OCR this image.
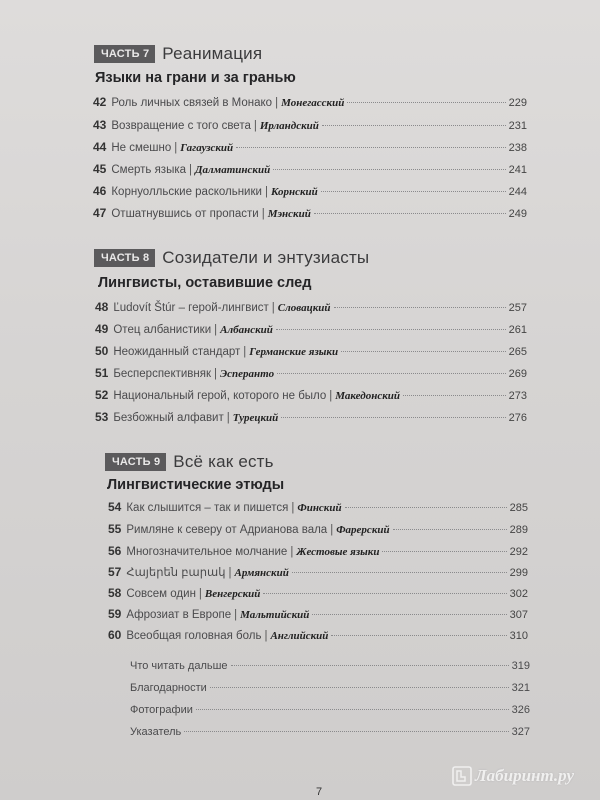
ЧАСТЬ 7 Реанимация
Языки на грани и за гранью
42 Роль личных связей в Монако | Монегасский	229
43 Возвращение с того света | Ирландский	231
44 Не смешно | Гагаузский	238
45 Смерть языка | Далматинский	241
46 Корнуолльские раскольники | Корнский	244
47 Отшатнувшись от пропасти | Мэнский	249
ЧАСТЬ 8 Созидатели и энтузиасты
Лингвисты, оставившие след
48 Ľudovít Štúr – герой-лингвист | Словацкий	257
49 Отец албанистики | Албанский	261
50 Неожиданный стандарт | Германские языки	265
51 Бесперспективняк | Эсперанто	269
52 Национальный герой, которого не было | Македонский	273
53 Безбожный алфавит | Турецкий	276
ЧАСТЬ 9 Всё как есть
Лингвистические этюды
54 Как слышится – так и пишется | Финский	285
55 Римляне к северу от Адрианова вала | Фарерский	289
56 Многозначительное молчание | Жестовые языки	292
57 Հայերեն բարակ | Армянский	299
58 Совсем один | Венгерский	302
59 Афрозиат в Европе | Мальтийский	307
60 Всеобщая головная боль | Английский	310
Что читать дальше	319
Благодарности	321
Фотографии	326
Указатель	327
Лабиринт.ру
7
